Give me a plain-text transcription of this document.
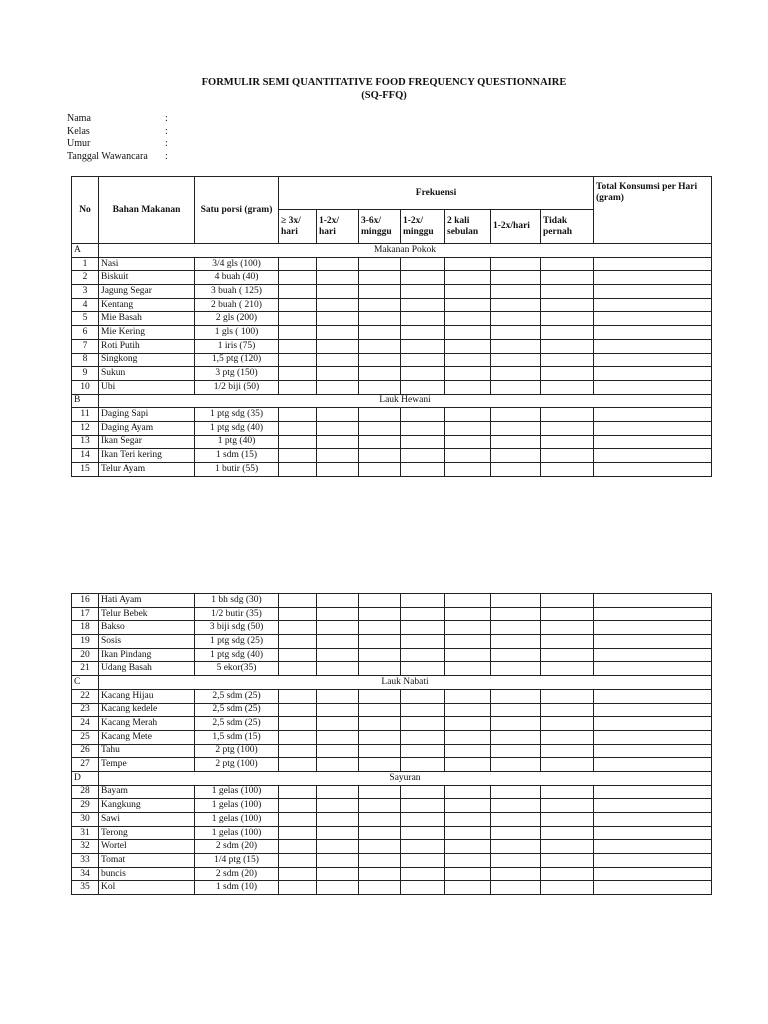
FORMULIR SEMI QUANTITATIVE FOOD FREQUENCY QUESTIONNAIRE
(SQ-FFQ)
Nama	:
Kelas	:
Umur	:
Tanggal Wawancara :
No	Bahan Makanan	Satu porsi (gram)	Frekuensi							Total Konsumsi per Hari (gram)
			≥ 3x/ hari	1-2x/ hari	3-6x/ minggu	1-2x/ minggu	2 kali sebulan	1-2x/hari	Tidak pernah	
A	Makanan Pokok									
1	Nasi	3/4 gls (100)								
2	Biskuit	4 buah (40)								
3	Jagung Segar	3 buah ( 125)								
4	Kentang	2 buah ( 210)								
5	Mie Basah	2 gls (200)								
6	Mie Kering	1 gls ( 100)								
7	Roti Putih	1 iris (75)								
8	Singkong	1,5 ptg (120)								
9	Sukun	3 ptg (150)								
10	Ubi	1/2 biji (50)								
B	Lauk Hewani									
11	Daging Sapi	1 ptg sdg (35)								
12	Daging Ayam	1 ptg sdg (40)								
13	Ikan Segar	1 ptg (40)								
14	Ikan Teri kering	1 sdm (15)								
15	Telur Ayam	1 butir (55)								
16	Hati Ayam	1 bh sdg (30)								
17	Telur Bebek	1/2 butir (35)								
18	Bakso	3 biji sdg (50)								
19	Sosis	1 ptg sdg (25)								
20	Ikan Pindang	1 ptg sdg (40)								
21	Udang Basah	5 ekor(35)								
C	Lauk Nabati									
22	Kacang Hijau	2,5 sdm (25)								
23	Kacang kedele	2,5 sdm (25)								
24	Kacang Merah	2,5 sdm (25)								
25	Kacang Mete	1,5 sdm (15)								
26	Tahu	2 ptg (100)								
27	Tempe	2 ptg (100)								
D	Sayuran									
28	Bayam	1 gelas (100)								
29	Kangkung	1 gelas (100)								
30	Sawi	1 gelas (100)								
31	Terong	1 gelas (100)								
32	Wortel	2 sdm (20)								
33	Tomat	1/4 ptg (15)								
34	buncis	2 sdm (20)								
35	Kol	1 sdm (10)								
